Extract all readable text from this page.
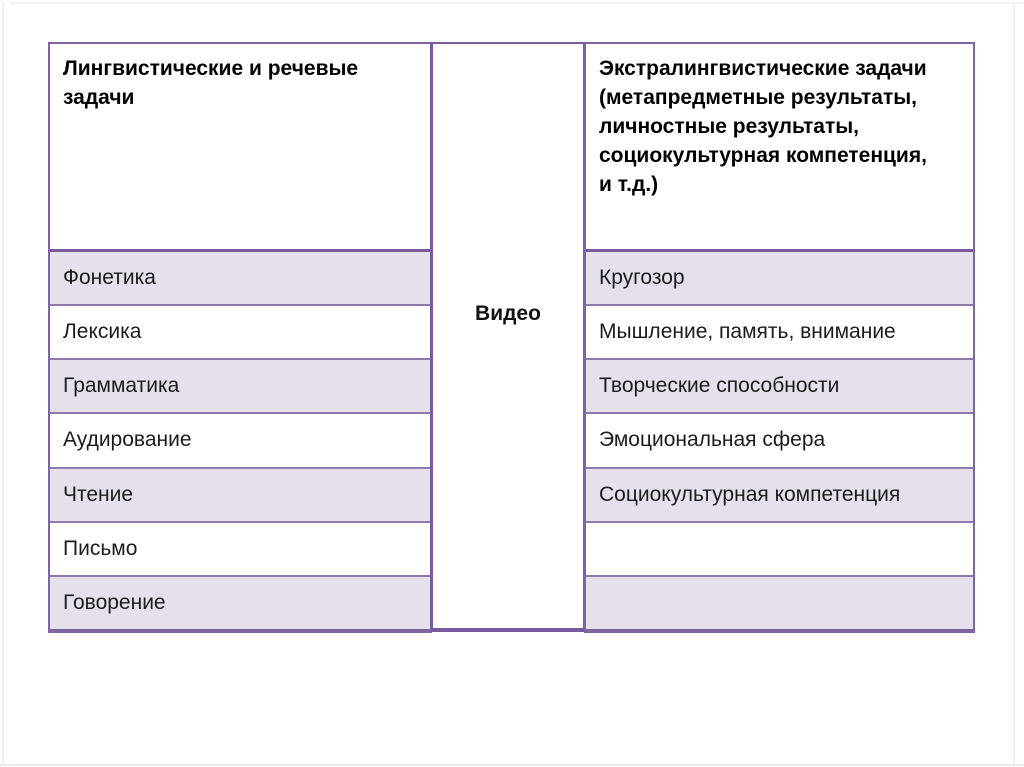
Лингвистические и речевые
задачи
Фонетика
Лексика
Грамматика
Аудирование
Чтение
Письмо
Говорение
Видео
Экстралингвистические задачи
(метапредметные результаты,
личностные результаты,
социокультурная компетенция,
и т.д.)
Кругозор
Мышление, память, внимание
Творческие способности
Эмоциональная сфера
Социокультурная компетенция
